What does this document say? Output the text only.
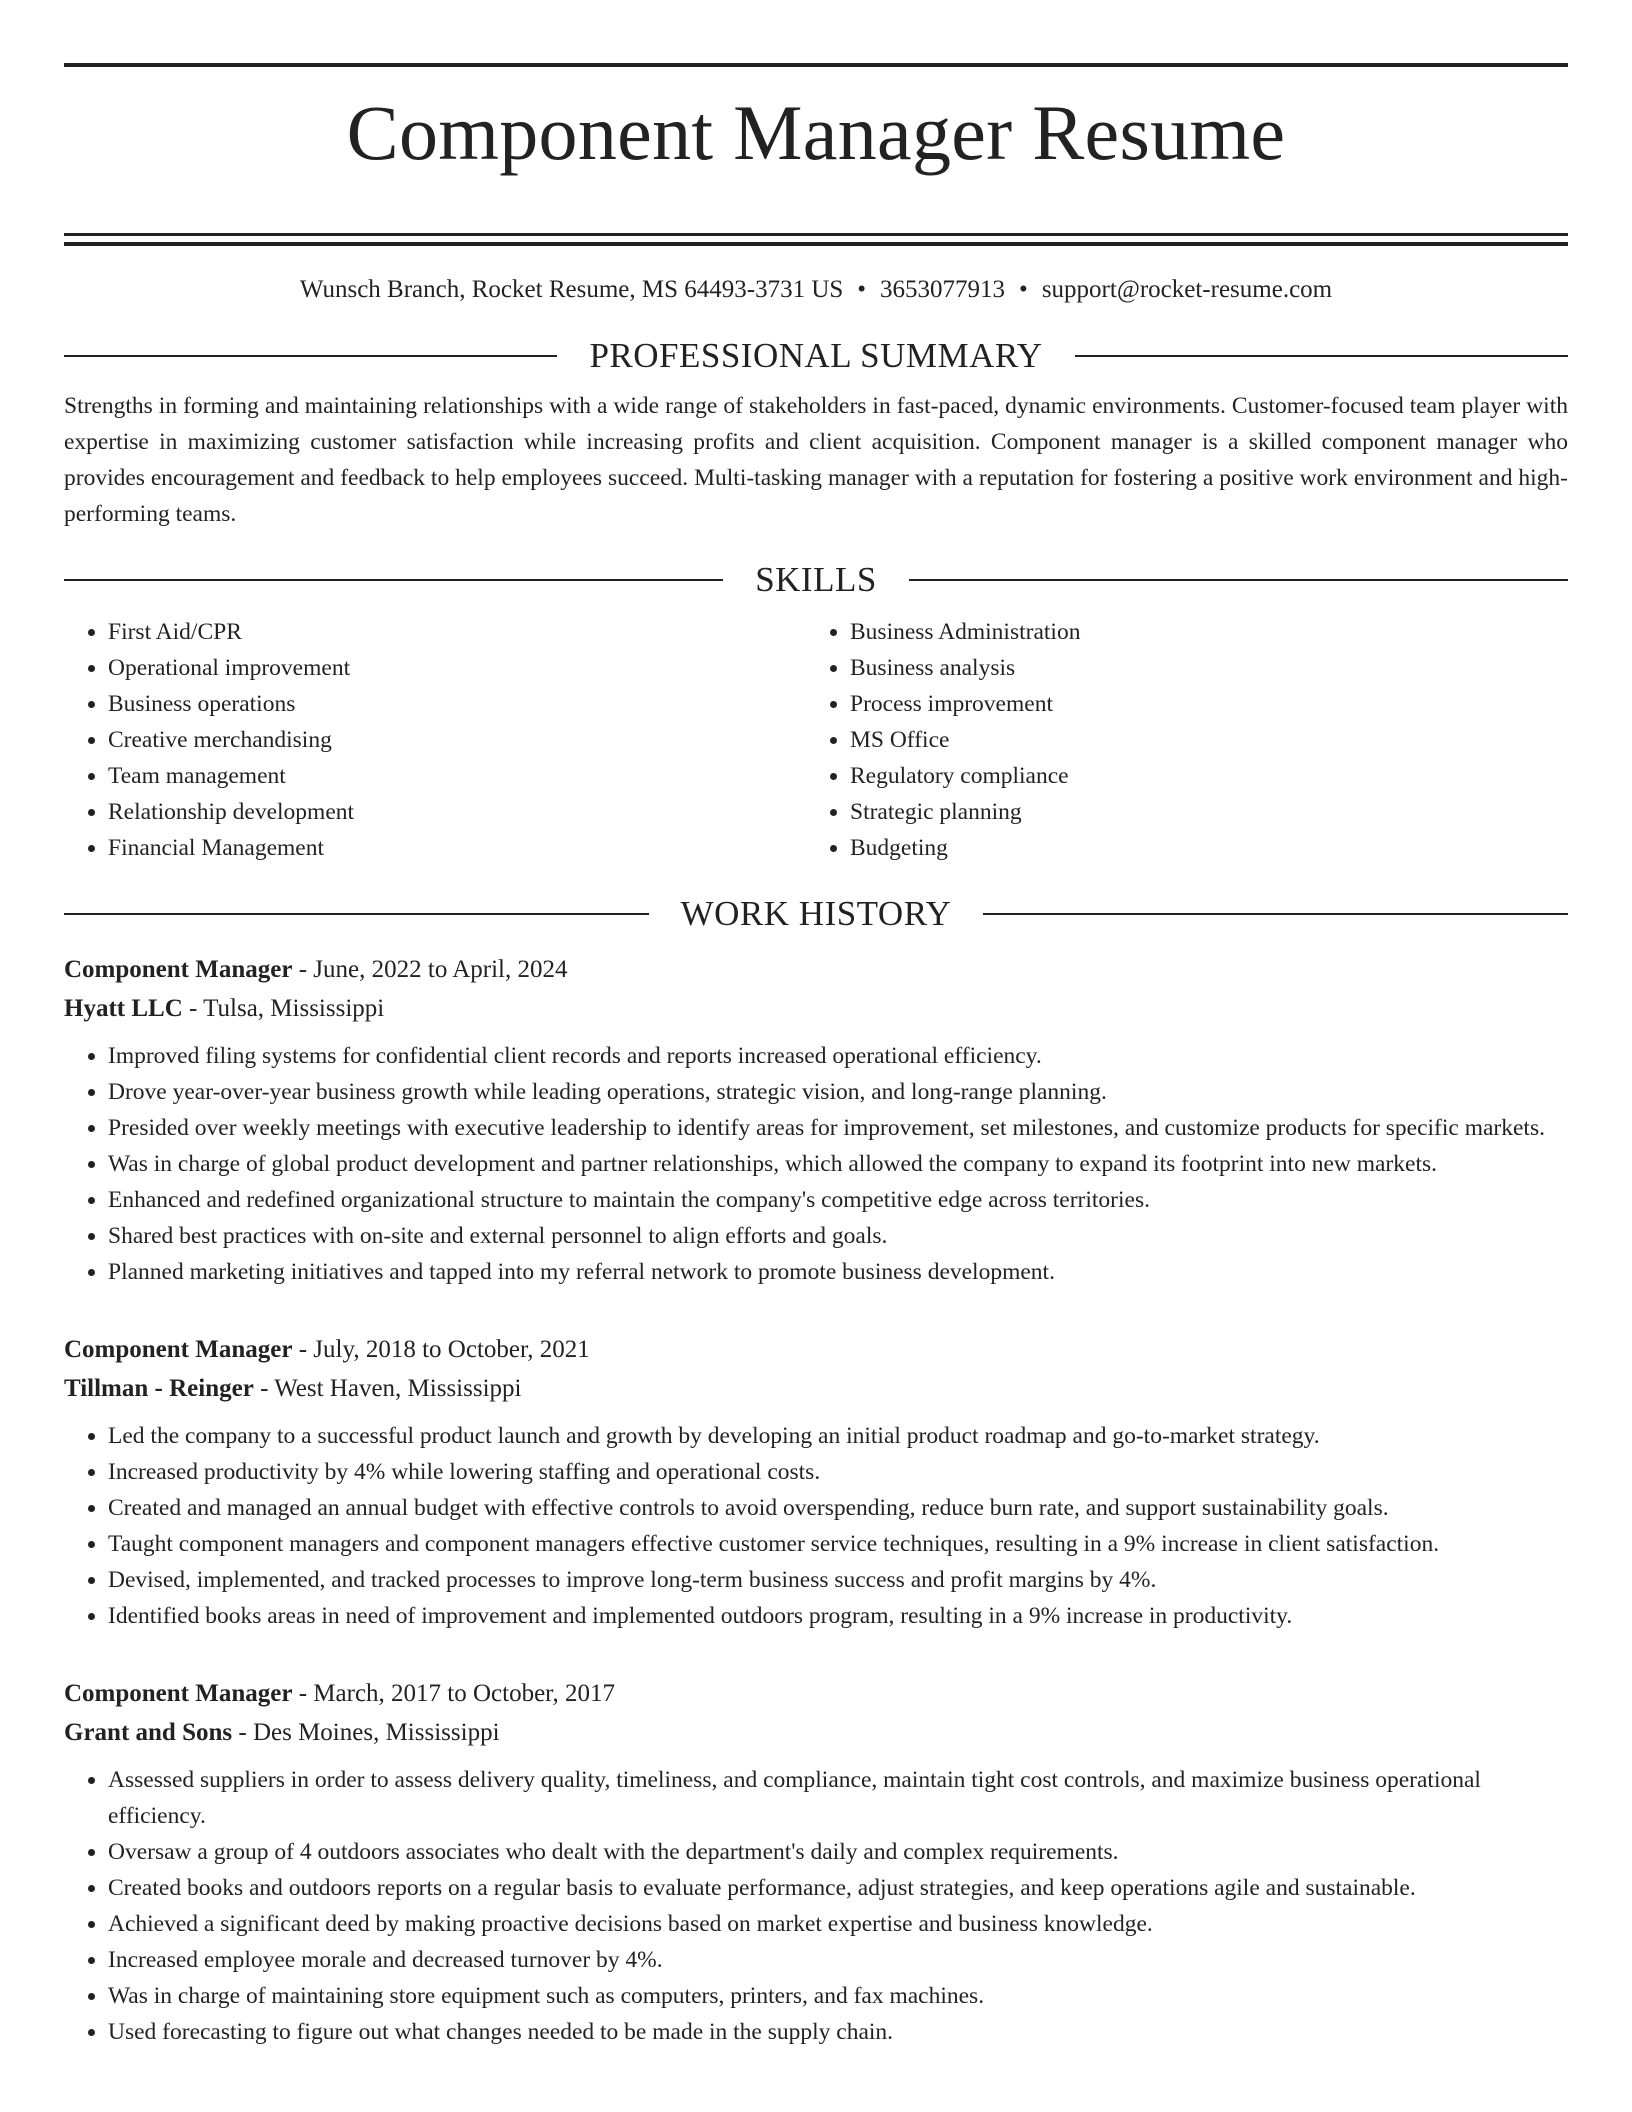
Component Manager Resume
Wunsch Branch, Rocket Resume, MS 64493-3731 US • 3653077913 • support@rocket-resume.com
PROFESSIONAL SUMMARY
Strengths in forming and maintaining relationships with a wide range of stakeholders in fast-paced, dynamic environments. Customer-focused team player with expertise in maximizing customer satisfaction while increasing profits and client acquisition. Component manager is a skilled component manager who provides encouragement and feedback to help employees succeed. Multi-tasking manager with a reputation for fostering a positive work environment and high-performing teams.
SKILLS
• First Aid/CPR
• Operational improvement
• Business operations
• Creative merchandising
• Team management
• Relationship development
• Financial Management
• Business Administration
• Business analysis
• Process improvement
• MS Office
• Regulatory compliance
• Strategic planning
• Budgeting
WORK HISTORY
Component Manager - June, 2022 to April, 2024
Hyatt LLC - Tulsa, Mississippi
• Improved filing systems for confidential client records and reports increased operational efficiency.
• Drove year-over-year business growth while leading operations, strategic vision, and long-range planning.
• Presided over weekly meetings with executive leadership to identify areas for improvement, set milestones, and customize products for specific markets.
• Was in charge of global product development and partner relationships, which allowed the company to expand its footprint into new markets.
• Enhanced and redefined organizational structure to maintain the company's competitive edge across territories.
• Shared best practices with on-site and external personnel to align efforts and goals.
• Planned marketing initiatives and tapped into my referral network to promote business development.
Component Manager - July, 2018 to October, 2021
Tillman - Reinger - West Haven, Mississippi
• Led the company to a successful product launch and growth by developing an initial product roadmap and go-to-market strategy.
• Increased productivity by 4% while lowering staffing and operational costs.
• Created and managed an annual budget with effective controls to avoid overspending, reduce burn rate, and support sustainability goals.
• Taught component managers and component managers effective customer service techniques, resulting in a 9% increase in client satisfaction.
• Devised, implemented, and tracked processes to improve long-term business success and profit margins by 4%.
• Identified books areas in need of improvement and implemented outdoors program, resulting in a 9% increase in productivity.
Component Manager - March, 2017 to October, 2017
Grant and Sons - Des Moines, Mississippi
• Assessed suppliers in order to assess delivery quality, timeliness, and compliance, maintain tight cost controls, and maximize business operational efficiency.
• Oversaw a group of 4 outdoors associates who dealt with the department's daily and complex requirements.
• Created books and outdoors reports on a regular basis to evaluate performance, adjust strategies, and keep operations agile and sustainable.
• Achieved a significant deed by making proactive decisions based on market expertise and business knowledge.
• Increased employee morale and decreased turnover by 4%.
• Was in charge of maintaining store equipment such as computers, printers, and fax machines.
• Used forecasting to figure out what changes needed to be made in the supply chain.
